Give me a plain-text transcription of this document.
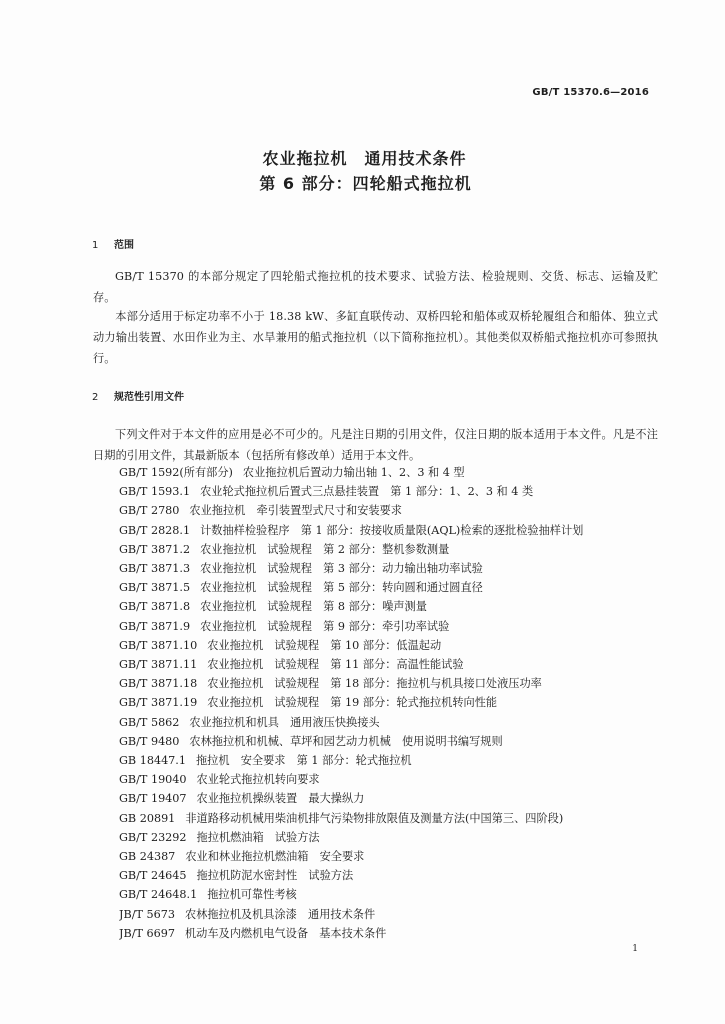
GB/T 15370.6—2016
农业拖拉机　通用技术条件
第 6 部分：四轮船式拖拉机
1 范围
GB/T 15370 的本部分规定了四轮船式拖拉机的技术要求、试验方法、检验规则、交货、标志、运输及贮存。
本部分适用于标定功率不小于 18.38 kW、多缸直联传动、双桥四轮和船体或双桥轮履组合和船体、独立式动力输出装置、水田作业为主、水旱兼用的船式拖拉机（以下简称拖拉机）。其他类似双桥船式拖拉机亦可参照执行。
2 规范性引用文件
下列文件对于本文件的应用是必不可少的。凡是注日期的引用文件，仅注日期的版本适用于本文件。凡是不注日期的引用文件，其最新版本（包括所有修改单）适用于本文件。
GB/T 1592(所有部分) 农业拖拉机后置动力输出轴 1、2、3 和 4 型
GB/T 1593.1 农业轮式拖拉机后置式三点悬挂装置　第 1 部分：1、2、3 和 4 类
GB/T 2780 农业拖拉机　牵引装置型式尺寸和安装要求
GB/T 2828.1 计数抽样检验程序　第 1 部分：按接收质量限(AQL)检索的逐批检验抽样计划
GB/T 3871.2 农业拖拉机　试验规程　第 2 部分：整机参数测量
GB/T 3871.3 农业拖拉机　试验规程　第 3 部分：动力输出轴功率试验
GB/T 3871.5 农业拖拉机　试验规程　第 5 部分：转向圆和通过圆直径
GB/T 3871.8 农业拖拉机　试验规程　第 8 部分：噪声测量
GB/T 3871.9 农业拖拉机　试验规程　第 9 部分：牵引功率试验
GB/T 3871.10 农业拖拉机　试验规程　第 10 部分：低温起动
GB/T 3871.11 农业拖拉机　试验规程　第 11 部分：高温性能试验
GB/T 3871.18 农业拖拉机　试验规程　第 18 部分：拖拉机与机具接口处液压功率
GB/T 3871.19 农业拖拉机　试验规程　第 19 部分：轮式拖拉机转向性能
GB/T 5862 农业拖拉机和机具　通用液压快换接头
GB/T 9480 农林拖拉机和机械、草坪和园艺动力机械　使用说明书编写规则
GB 18447.1 拖拉机　安全要求　第 1 部分：轮式拖拉机
GB/T 19040 农业轮式拖拉机转向要求
GB/T 19407 农业拖拉机操纵装置　最大操纵力
GB 20891 非道路移动机械用柴油机排气污染物排放限值及测量方法(中国第三、四阶段)
GB/T 23292 拖拉机燃油箱　试验方法
GB 24387 农业和林业拖拉机燃油箱　安全要求
GB/T 24645 拖拉机防泥水密封性　试验方法
GB/T 24648.1 拖拉机可靠性考核
JB/T 5673 农林拖拉机及机具涂漆　通用技术条件
JB/T 6697 机动车及内燃机电气设备　基本技术条件
1
